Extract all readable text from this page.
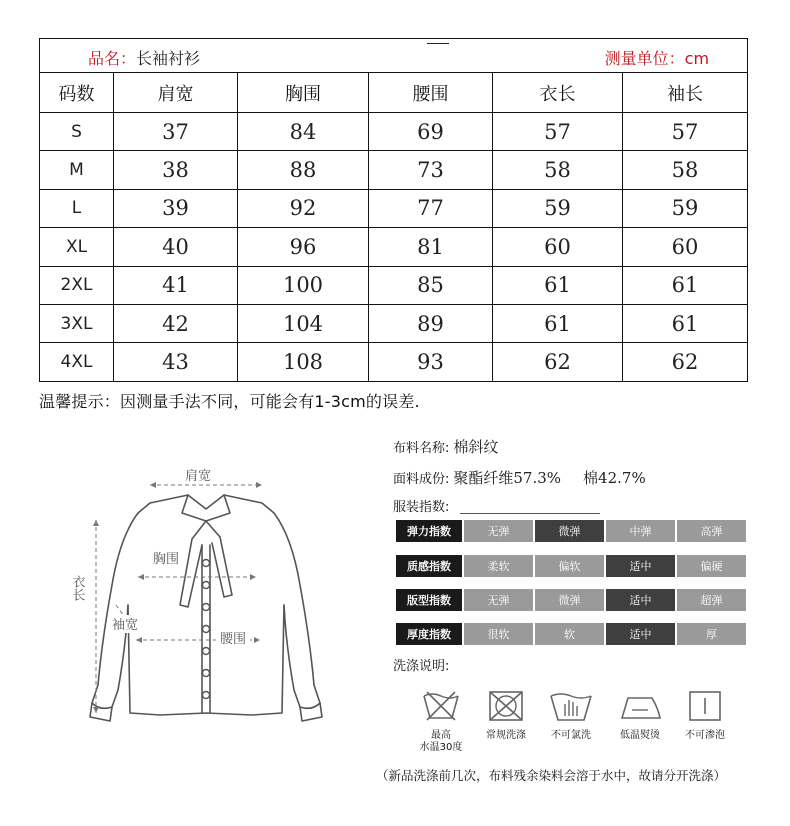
品名：长袖衬衫 测量单位：cm					

码数	肩宽	胸围	腰围	衣长	袖长
S	37	84	69	57	57
M	38	88	73	58	58
L	39	92	77	59	59
XL	40	96	81	60	60
2XL	41	100	85	61	61
3XL	42	104	89	61	61
4XL	43	108	93	62	62
温馨提示：因测量手法不同，可能会有1-3cm的误差.
肩宽
胸围
腰围
袖宽
衣长
布料名称: 棉斜纹
面料成份: 聚酯纤维57.3% 棉42.7%
服装指数:
弹力指数	无弹	微弹	中弹	高弹
质感指数	柔软	偏软	适中	偏硬
版型指数	无弹	微弹	适中	超弹
厚度指数	很软	软	适中	厚
洗涤说明:
最高
水温30度
常规洗涤	不可氯洗	低温熨烫	不可渗泡
（新品洗涤前几次，布料残余染料会溶于水中，故请分开洗涤）
